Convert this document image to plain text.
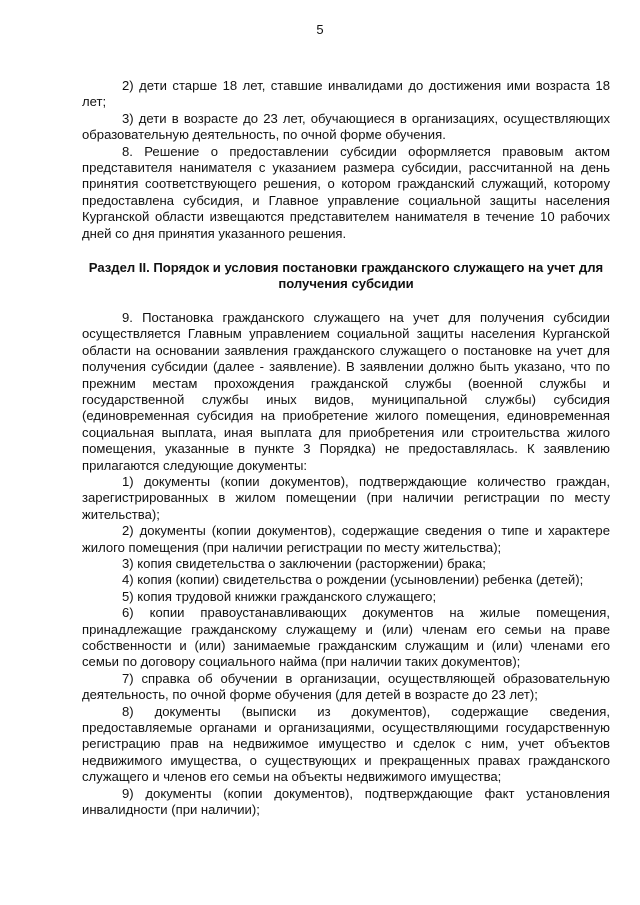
5

2) дети старше 18 лет, ставшие инвалидами до достижения ими возраста 18 лет;

3) дети в возрасте до 23 лет, обучающиеся в организациях, осуществляющих образовательную деятельность, по очной форме обучения.

8. Решение о предоставлении субсидии оформляется правовым актом представителя нанимателя с указанием размера субсидии, рассчитанной на день принятия соответствующего решения, о котором гражданский служащий, которому предоставлена субсидия, и Главное управление социальной защиты населения Курганской области извещаются представителем нанимателя в течение 10 рабочих дней со дня принятия указанного решения.

Раздел II. Порядок и условия постановки гражданского служащего на учет для получения субсидии

9. Постановка гражданского служащего на учет для получения субсидии осуществляется Главным управлением социальной защиты населения Курганской области на основании заявления гражданского служащего о постановке на учет для получения субсидии (далее - заявление). В заявлении должно быть указано, что по прежним местам прохождения гражданской службы (военной службы и государственной службы иных видов, муниципальной службы) субсидия (единовременная субсидия на приобретение жилого помещения, единовременная социальная выплата, иная выплата для приобретения или строительства жилого помещения, указанные в пункте 3 Порядка) не предоставлялась. К заявлению прилагаются следующие документы:

1) документы (копии документов), подтверждающие количество граждан, зарегистрированных в жилом помещении (при наличии регистрации по месту жительства);

2) документы (копии документов), содержащие сведения о типе и характере жилого помещения (при наличии регистрации по месту жительства);

3) копия свидетельства о заключении (расторжении) брака;

4) копия (копии) свидетельства о рождении (усыновлении) ребенка (детей);

5) копия трудовой книжки гражданского служащего;

6) копии правоустанавливающих документов на жилые помещения, принадлежащие гражданскому служащему и (или) членам его семьи на праве собственности и (или) занимаемые гражданским служащим и (или) членами его семьи по договору социального найма (при наличии таких документов);

7) справка об обучении в организации, осуществляющей образовательную деятельность, по очной форме обучения (для детей в возрасте до 23 лет);

8) документы (выписки из документов), содержащие сведения, предоставляемые органами и организациями, осуществляющими государственную регистрацию прав на недвижимое имущество и сделок с ним, учет объектов недвижимого имущества, о существующих и прекращенных правах гражданского служащего и членов его семьи на объекты недвижимого имущества;

9) документы (копии документов), подтверждающие факт установления инвалидности (при наличии);
